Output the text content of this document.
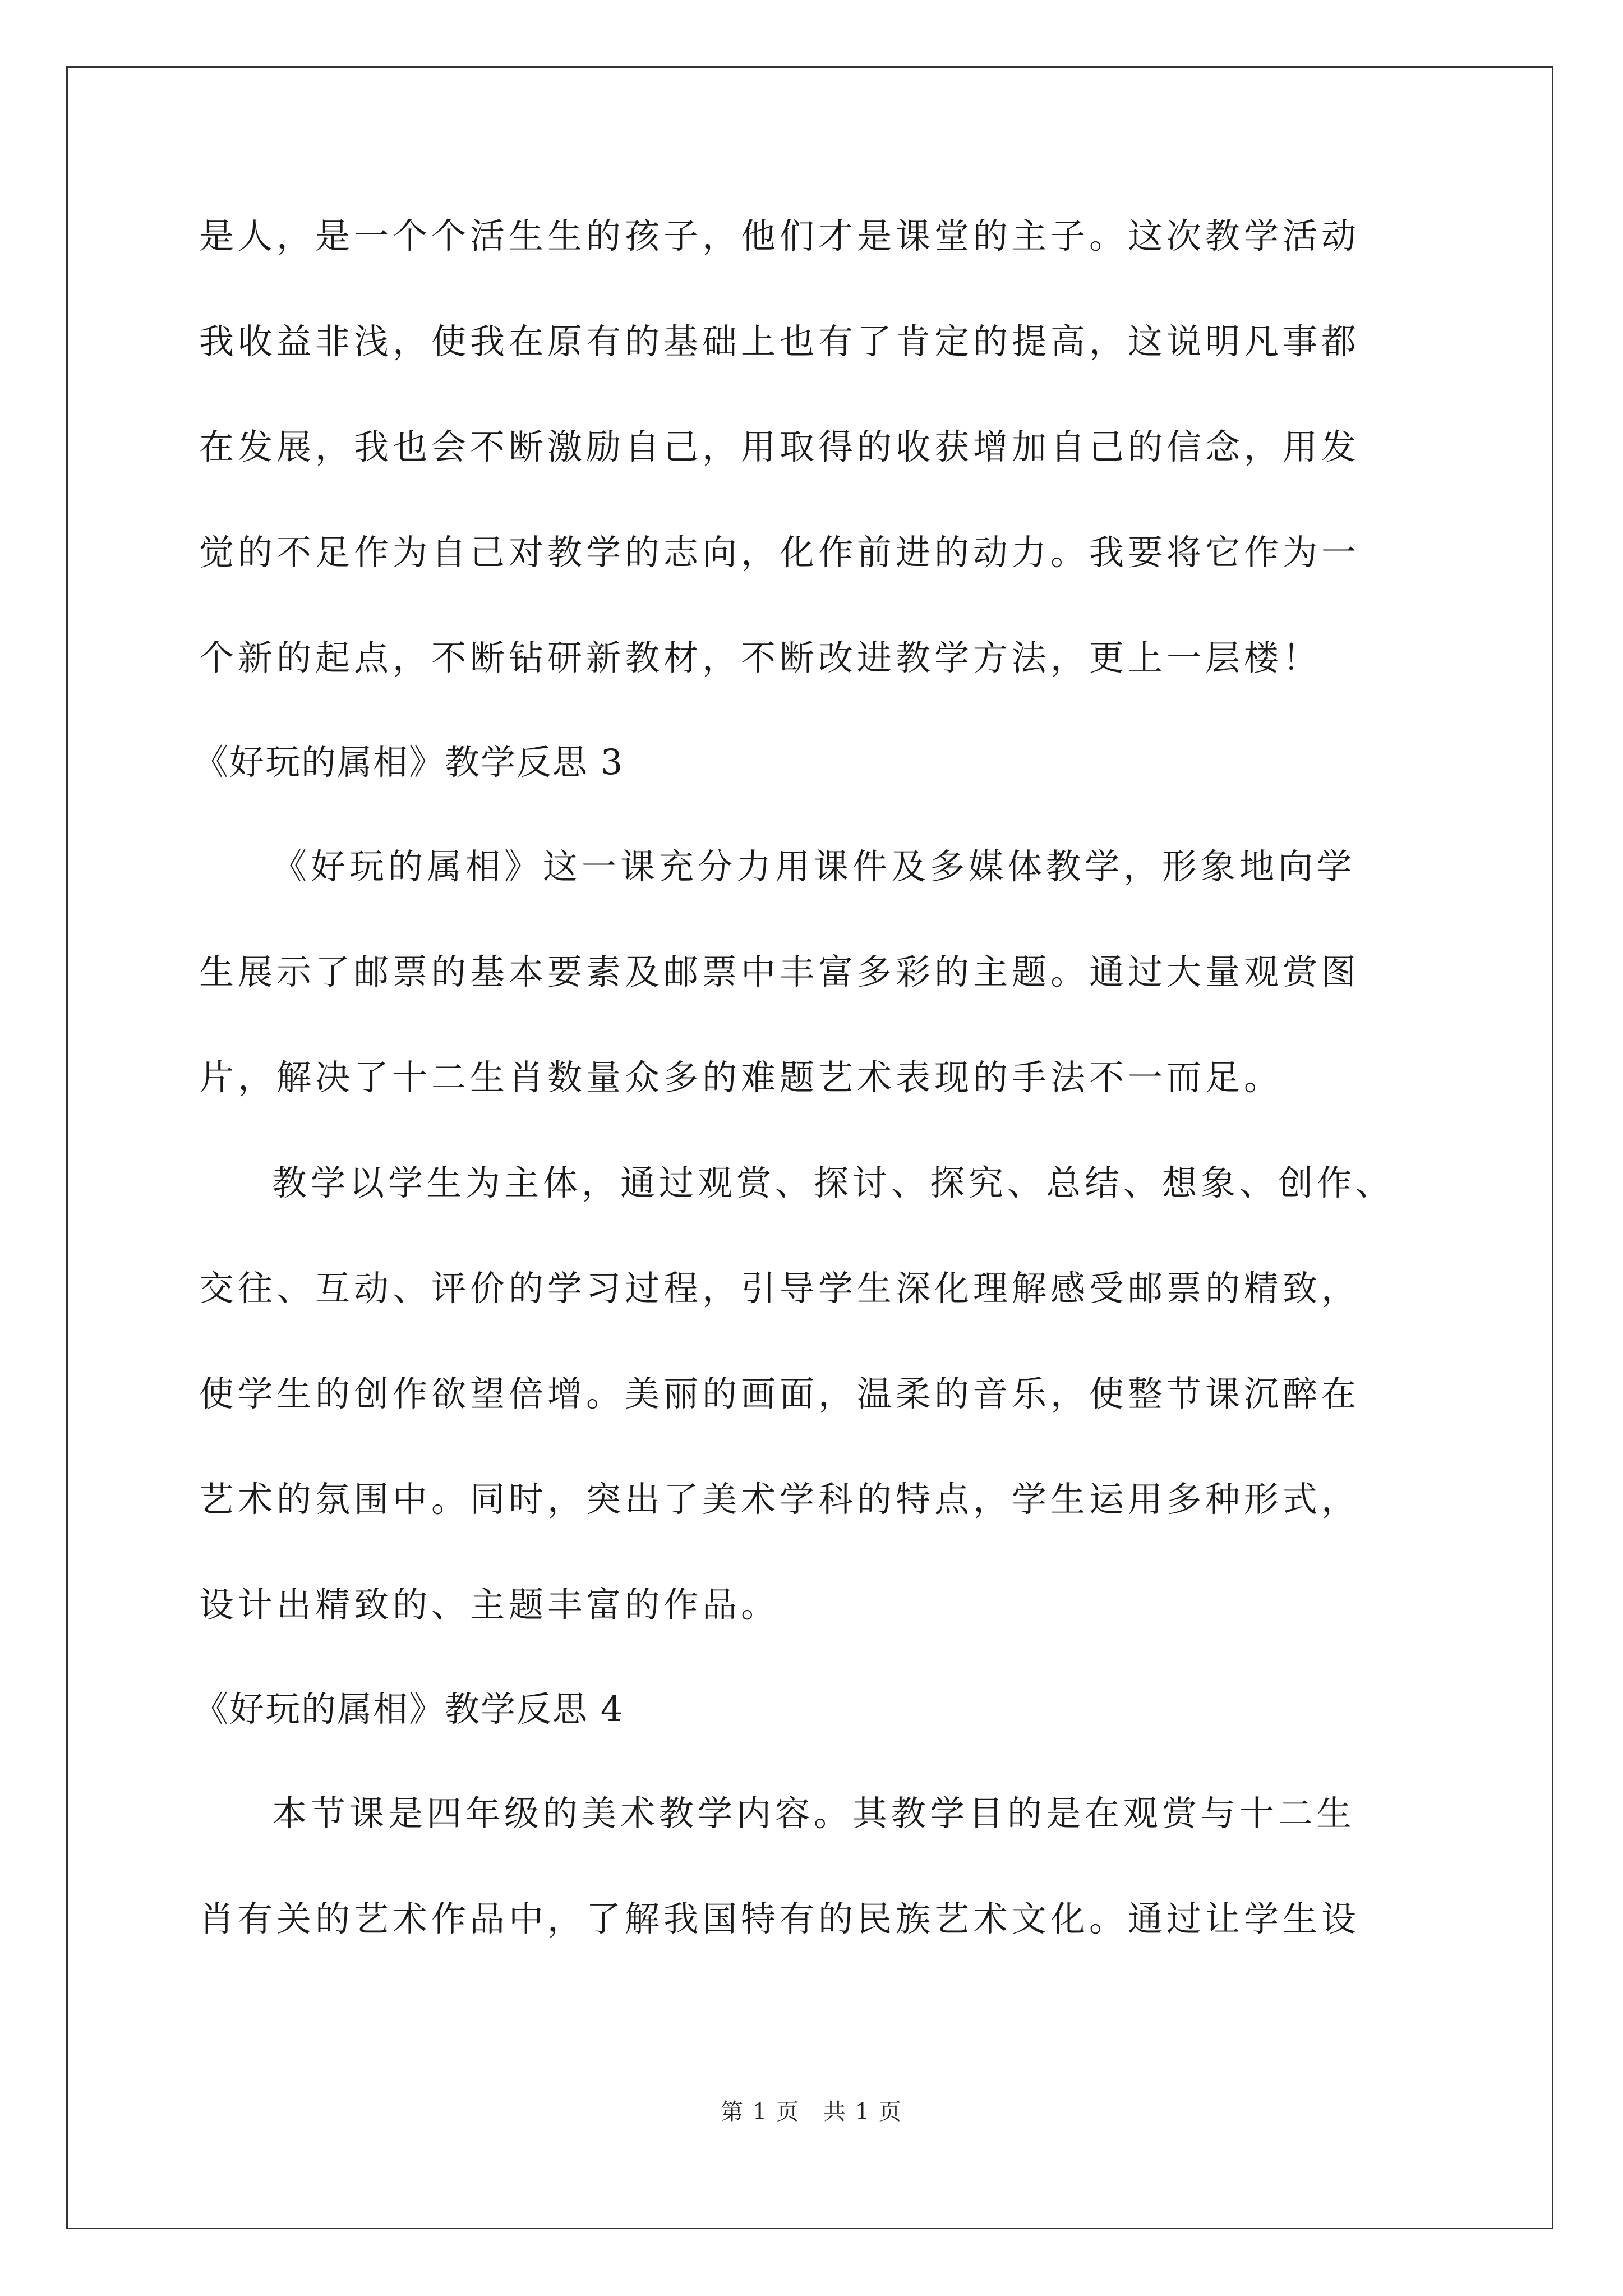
是人，是一个个活生生的孩子，他们才是课堂的主子。这次教学活动
我收益非浅，使我在原有的基础上也有了肯定的提高，这说明凡事都
在发展，我也会不断激励自己，用取得的收获增加自己的信念，用发
觉的不足作为自己对教学的志向，化作前进的动力。我要将它作为一
个新的起点，不断钻研新教材，不断改进教学方法，更上一层楼！
《好玩的属相》教学反思 3
《好玩的属相》这一课充分力用课件及多媒体教学，形象地向学
生展示了邮票的基本要素及邮票中丰富多彩的主题。通过大量观赏图
片，解决了十二生肖数量众多的难题艺术表现的手法不一而足。
教学以学生为主体，通过观赏、探讨、探究、总结、想象、创作、
交往、互动、评价的学习过程，引导学生深化理解感受邮票的精致，
使学生的创作欲望倍增。美丽的画面，温柔的音乐，使整节课沉醉在
艺术的氛围中。同时，突出了美术学科的特点，学生运用多种形式，
设计出精致的、主题丰富的作品。
《好玩的属相》教学反思 4
本节课是四年级的美术教学内容。其教学目的是在观赏与十二生
肖有关的艺术作品中，了解我国特有的民族艺术文化。通过让学生设
第 1 页　共 1 页
